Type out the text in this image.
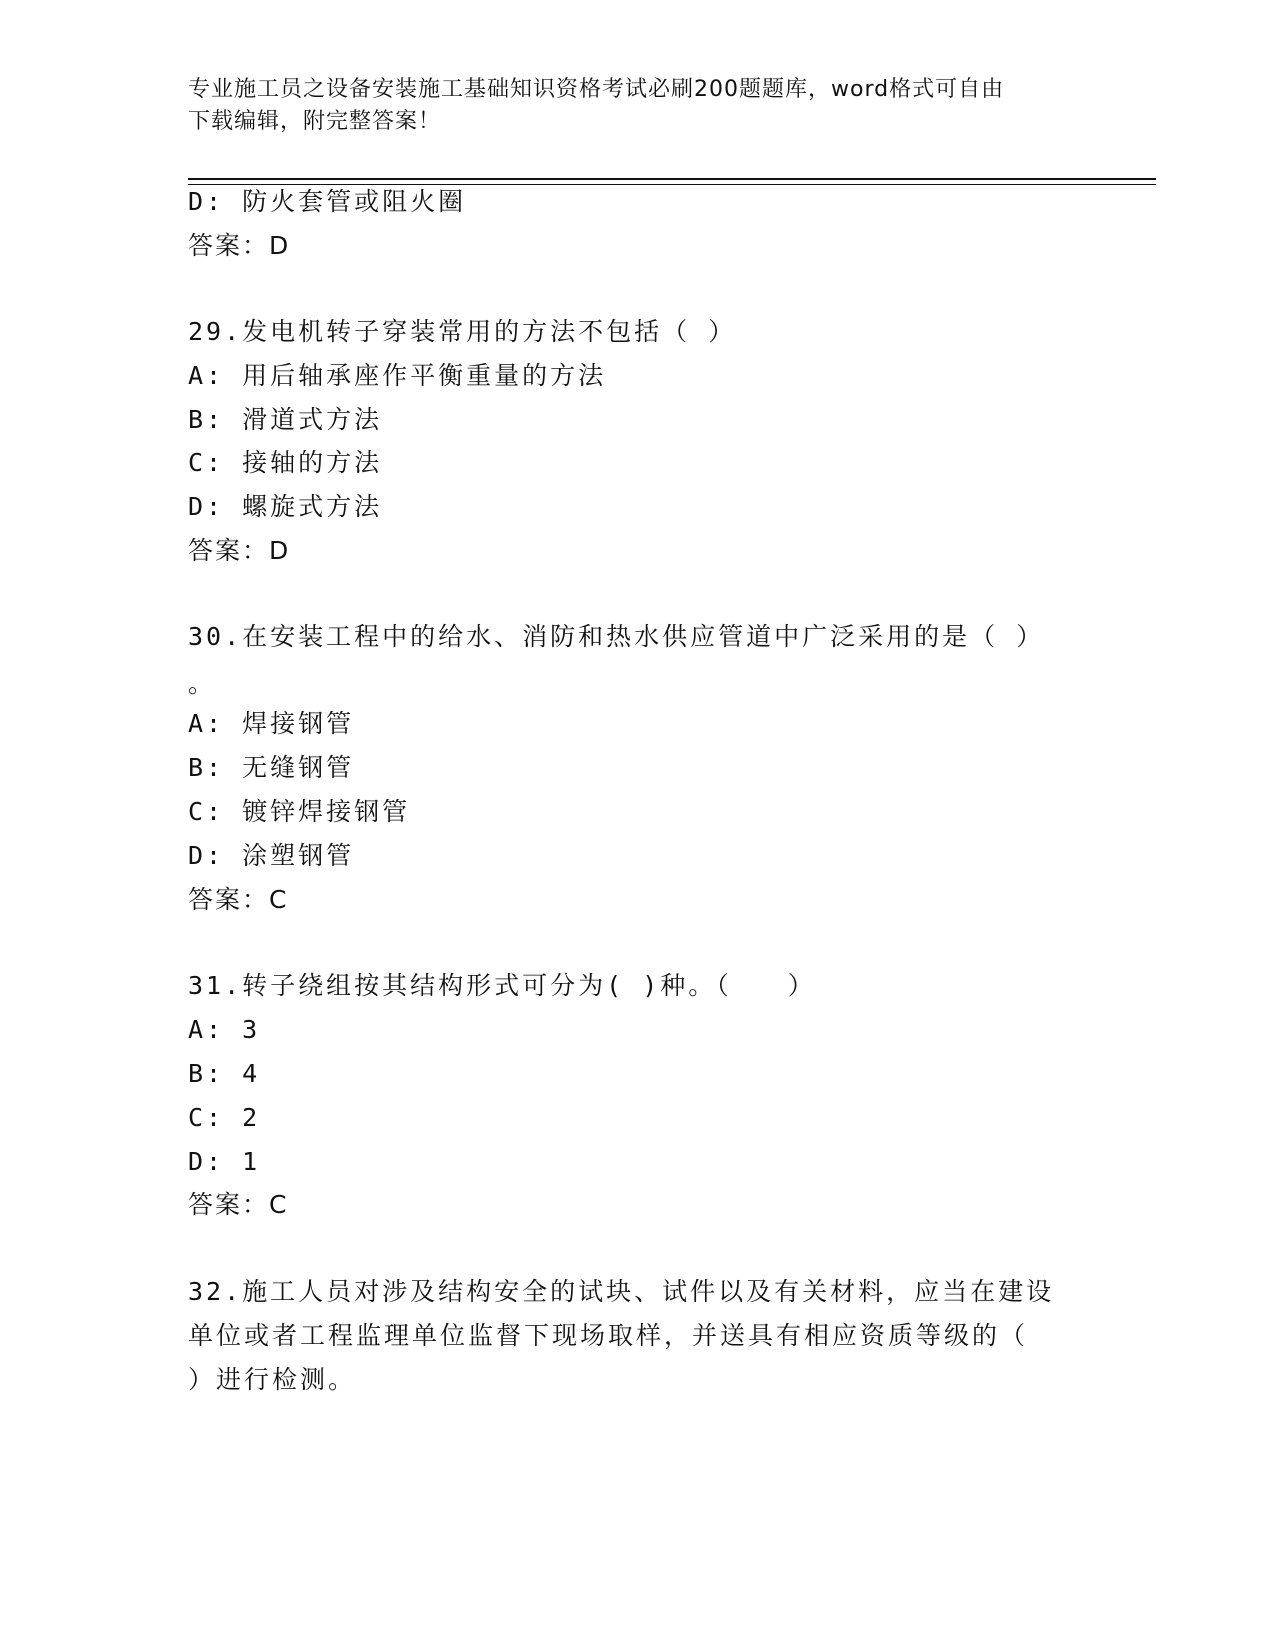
专业施工员之设备安装施工基础知识资格考试必刷200题题库，word格式可自由
下载编辑，附完整答案！
D: 防火套管或阻火圈
答案：D
29.发电机转子穿装常用的方法不包括（ ）
A: 用后轴承座作平衡重量的方法
B: 滑道式方法
C: 接轴的方法
D: 螺旋式方法
答案：D
30.在安装工程中的给水、消防和热水供应管道中广泛采用的是（ ）
。
A: 焊接钢管
B: 无缝钢管
C: 镀锌焊接钢管
D: 涂塑钢管
答案：C
31.转子绕组按其结构形式可分为( )种。（　　）
A: 3
B: 4
C: 2
D: 1
答案：C
32.施工人员对涉及结构安全的试块、试件以及有关材料，应当在建设
单位或者工程监理单位监督下现场取样，并送具有相应资质等级的（
）进行检测。
